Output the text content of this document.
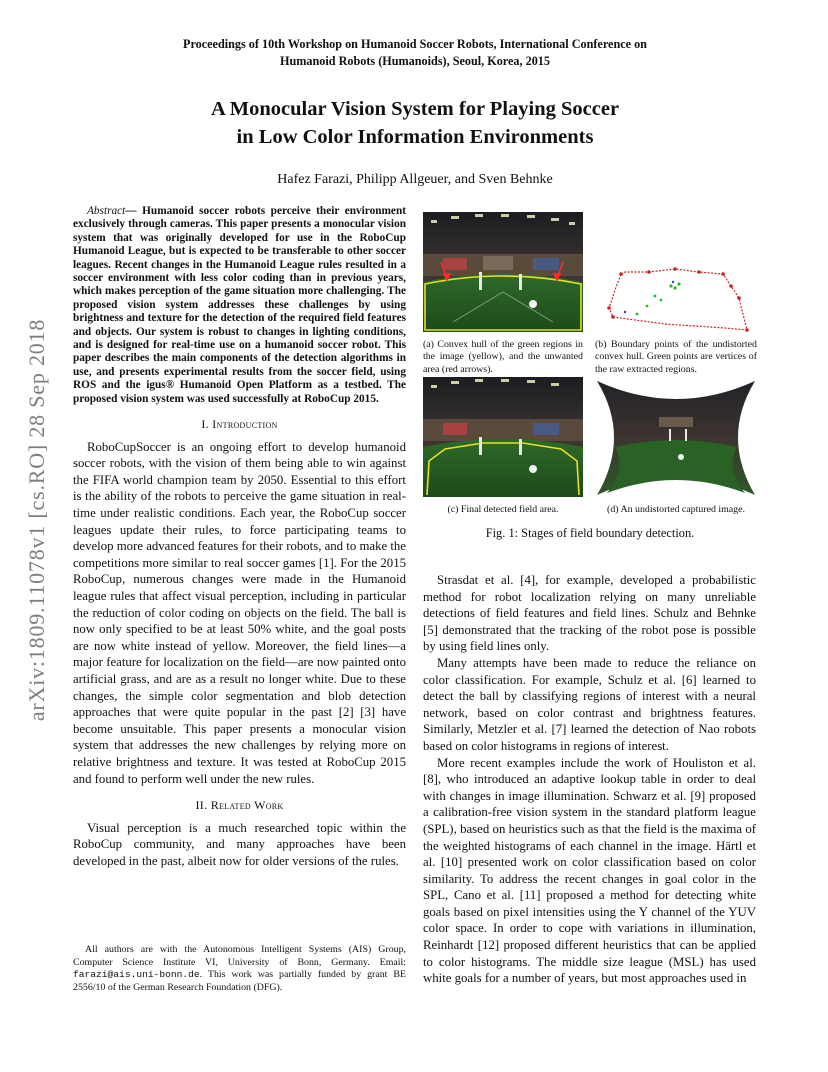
Proceedings of 10th Workshop on Humanoid Soccer Robots, International Conference on
Humanoid Robots (Humanoids), Seoul, Korea, 2015
A Monocular Vision System for Playing Soccer
in Low Color Information Environments
Hafez Farazi, Philipp Allgeuer, and Sven Behnke
arXiv:1809.11078v1 [cs.RO] 28 Sep 2018

Abstract— Humanoid soccer robots perceive their environment exclusively through cameras. This paper presents a monocular vision system that was originally developed for use in the RoboCup Humanoid League, but is expected to be transferable to other soccer leagues. Recent changes in the Humanoid League rules resulted in a soccer environment with less color coding than in previous years, which makes perception of the game situation more challenging. The proposed vision system addresses these challenges by using brightness and texture for the detection of the required field features and objects. Our system is robust to changes in lighting conditions, and is designed for real-time use on a humanoid soccer robot. This paper describes the main components of the detection algorithms in use, and presents experimental results from the soccer field, using ROS and the igus® Humanoid Open Platform as a testbed. The proposed vision system was used successfully at RoboCup 2015.

I. Introduction

RoboCupSoccer is an ongoing effort to develop humanoid soccer robots, with the vision of them being able to win against the FIFA world champion team by 2050. Essential to this effort is the ability of the robots to perceive the game situation in real-time under realistic conditions. Each year, the RoboCup soccer leagues update their rules, to force participating teams to develop more advanced features for their robots, and to make the competitions more similar to real soccer games [1]. For the 2015 RoboCup, numerous changes were made in the Humanoid league rules that affect visual perception, including in particular the reduction of color coding on objects on the field. The ball is now only specified to be at least 50% white, and the goal posts are now white instead of yellow. Moreover, the field lines—a major feature for localization on the field—are now painted onto artificial grass, and are as a result no longer white. Due to these changes, the simple color segmentation and blob detection approaches that were quite popular in the past [2] [3] have become unsuitable. This paper presents a monocular vision system that addresses the new challenges by relying more on relative brightness and texture. It was tested at RoboCup 2015 and found to perform well under the new rules.

II. Related Work

Visual perception is a much researched topic within the RoboCup community, and many approaches have been developed in the past, albeit now for older versions of the rules.

All authors are with the Autonomous Intelligent Systems (AIS) Group, Computer Science Institute VI, University of Bonn, Germany. Email: farazi@ais.uni-bonn.de. This work was partially funded by grant BE 2556/10 of the German Research Foundation (DFG).
(a) Convex hull of the green regions in the image (yellow), and the unwanted area (red arrows).
(b) Boundary points of the undistorted convex hull. Green points are vertices of the raw extracted regions.
(c) Final detected field area.	(d) An undistorted captured image.
Fig. 1: Stages of field boundary detection.

Strasdat et al. [4], for example, developed a probabilistic method for robot localization relying on many unreliable detections of field features and field lines. Schulz and Behnke [5] demonstrated that the tracking of the robot pose is possible by using field lines only.

Many attempts have been made to reduce the reliance on color classification. For example, Schulz et al. [6] learned to detect the ball by classifying regions of interest with a neural network, based on color contrast and brightness features. Similarly, Metzler et al. [7] learned the detection of Nao robots based on color histograms in regions of interest.

More recent examples include the work of Houliston et al. [8], who introduced an adaptive lookup table in order to deal with changes in image illumination. Schwarz et al. [9] proposed a calibration-free vision system in the standard platform league (SPL), based on heuristics such as that the field is the maxima of the weighted histograms of each channel in the image. Härtl et al. [10] presented work on color classification based on color similarity. To address the recent changes in goal color in the SPL, Cano et al. [11] proposed a method for detecting white goals based on pixel intensities using the Y channel of the YUV color space. In order to cope with variations in illumination, Reinhardt [12] proposed different heuristics that can be applied to color histograms. The middle size league (MSL) has used white goals for a number of years, but most approaches used in
